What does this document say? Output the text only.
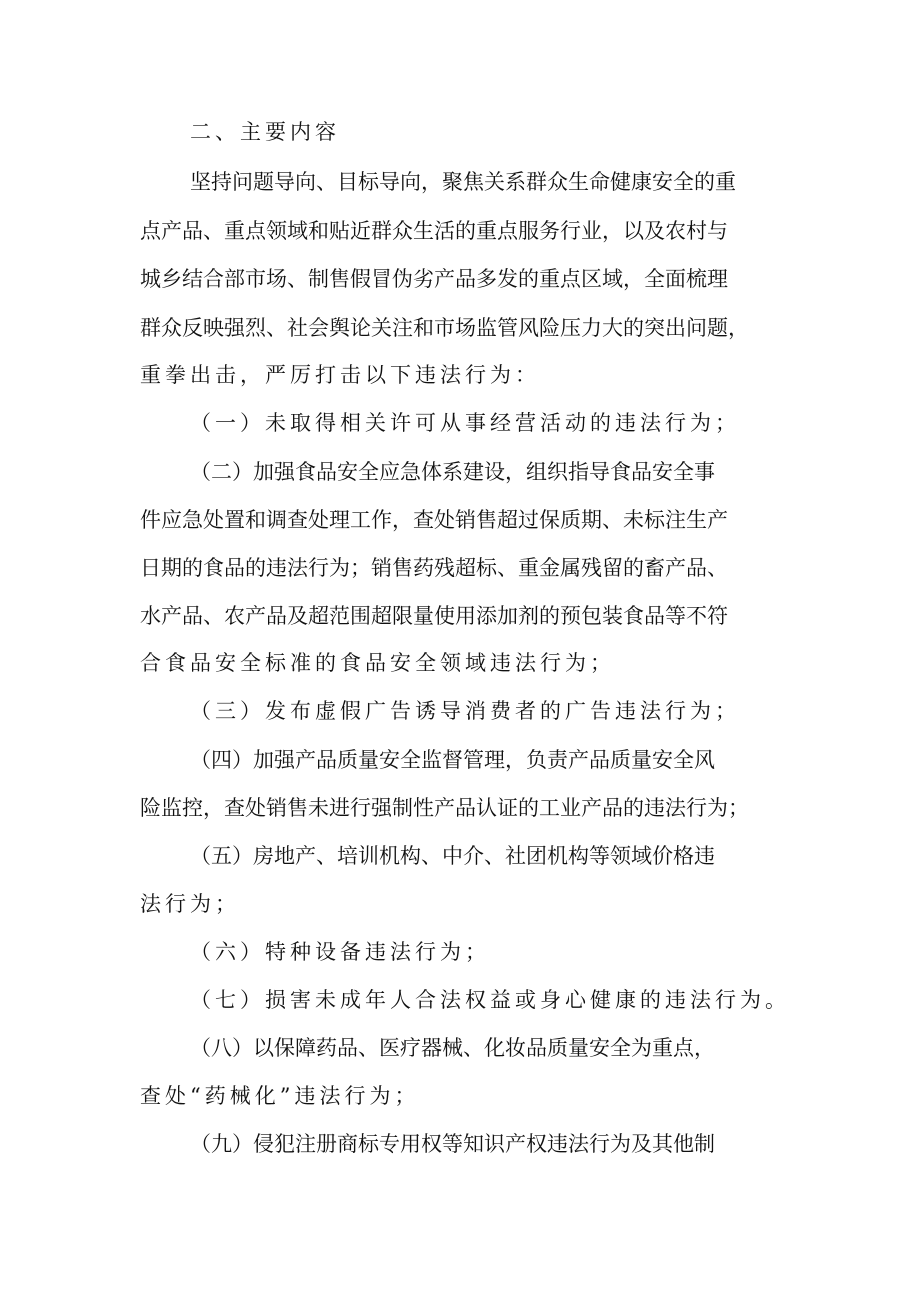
二、主要内容
坚持问题导向、目标导向，聚焦关系群众生命健康安全的重
点产品、重点领域和贴近群众生活的重点服务行业，以及农村与
城乡结合部市场、制售假冒伪劣产品多发的重点区域，全面梳理
群众反映强烈、社会舆论关注和市场监管风险压力大的突出问题，
重拳出击，严厉打击以下违法行为：
（一）未取得相关许可从事经营活动的违法行为；
（二）加强食品安全应急体系建设，组织指导食品安全事
件应急处置和调查处理工作，查处销售超过保质期、未标注生产
日期的食品的违法行为；销售药残超标、重金属残留的畜产品、
水产品、农产品及超范围超限量使用添加剂的预包装食品等不符
合食品安全标准的食品安全领域违法行为；
（三）发布虚假广告诱导消费者的广告违法行为；
（四）加强产品质量安全监督管理，负责产品质量安全风
险监控，查处销售未进行强制性产品认证的工业产品的违法行为；
（五）房地产、培训机构、中介、社团机构等领域价格违
法行为；
（六）特种设备违法行为；
（七）损害未成年人合法权益或身心健康的违法行为。
（八）以保障药品、医疗器械、化妆品质量安全为重点，
查处“药械化”违法行为；
（九）侵犯注册商标专用权等知识产权违法行为及其他制
